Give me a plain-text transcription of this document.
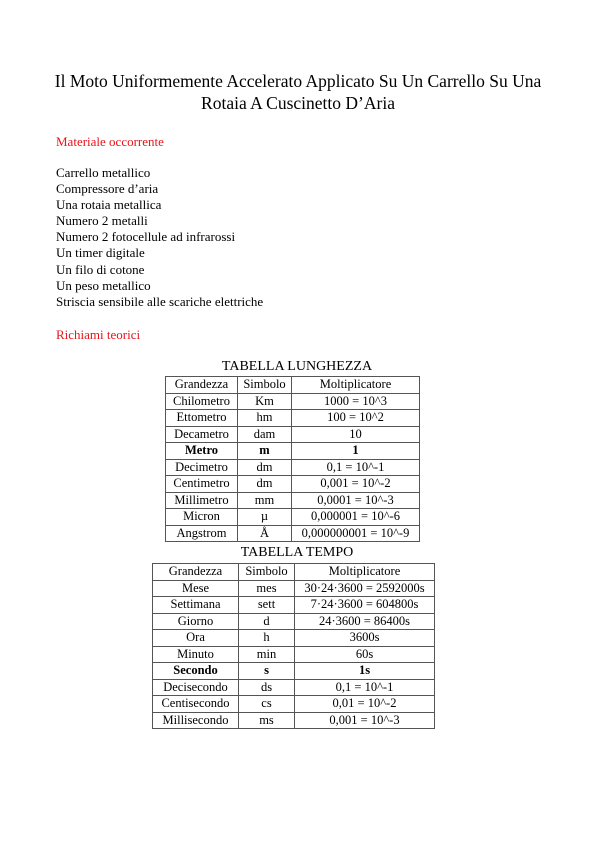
Il Moto Uniformemente Accelerato Applicato Su Un Carrello Su Una Rotaia A Cuscinetto D’Aria
Materiale occorrente
Carrello metallico
Compressore d’aria
Una rotaia metallica
Numero 2 metalli
Numero 2 fotocellule ad infrarossi
Un timer digitale
Un filo di cotone
Un peso metallico
Striscia sensibile alle scariche elettriche
Richiami teorici
TABELLA LUNGHEZZA
Grandezza	Simbolo	Moltiplicatore
Chilometro	Km	1000 = 10^3
Ettometro	hm	100 = 10^2
Decametro	dam	10
Metro	m	1
Decimetro	dm	0,1 = 10^-1
Centimetro	dm	0,001 = 10^-2
Millimetro	mm	0,0001 = 10^-3
Micron	µ	0,000001 = 10^-6
Angstrom	Å	0,000000001 = 10^-9
TABELLA TEMPO
Grandezza	Simbolo	Moltiplicatore
Mese	mes	30·24·3600 = 2592000s
Settimana	sett	7·24·3600 = 604800s
Giorno	d	24·3600 = 86400s
Ora	h	3600s
Minuto	min	60s
Secondo	s	1s
Decisecondo	ds	0,1 = 10^-1
Centisecondo	cs	0,01 = 10^-2
Millisecondo	ms	0,001 = 10^-3
